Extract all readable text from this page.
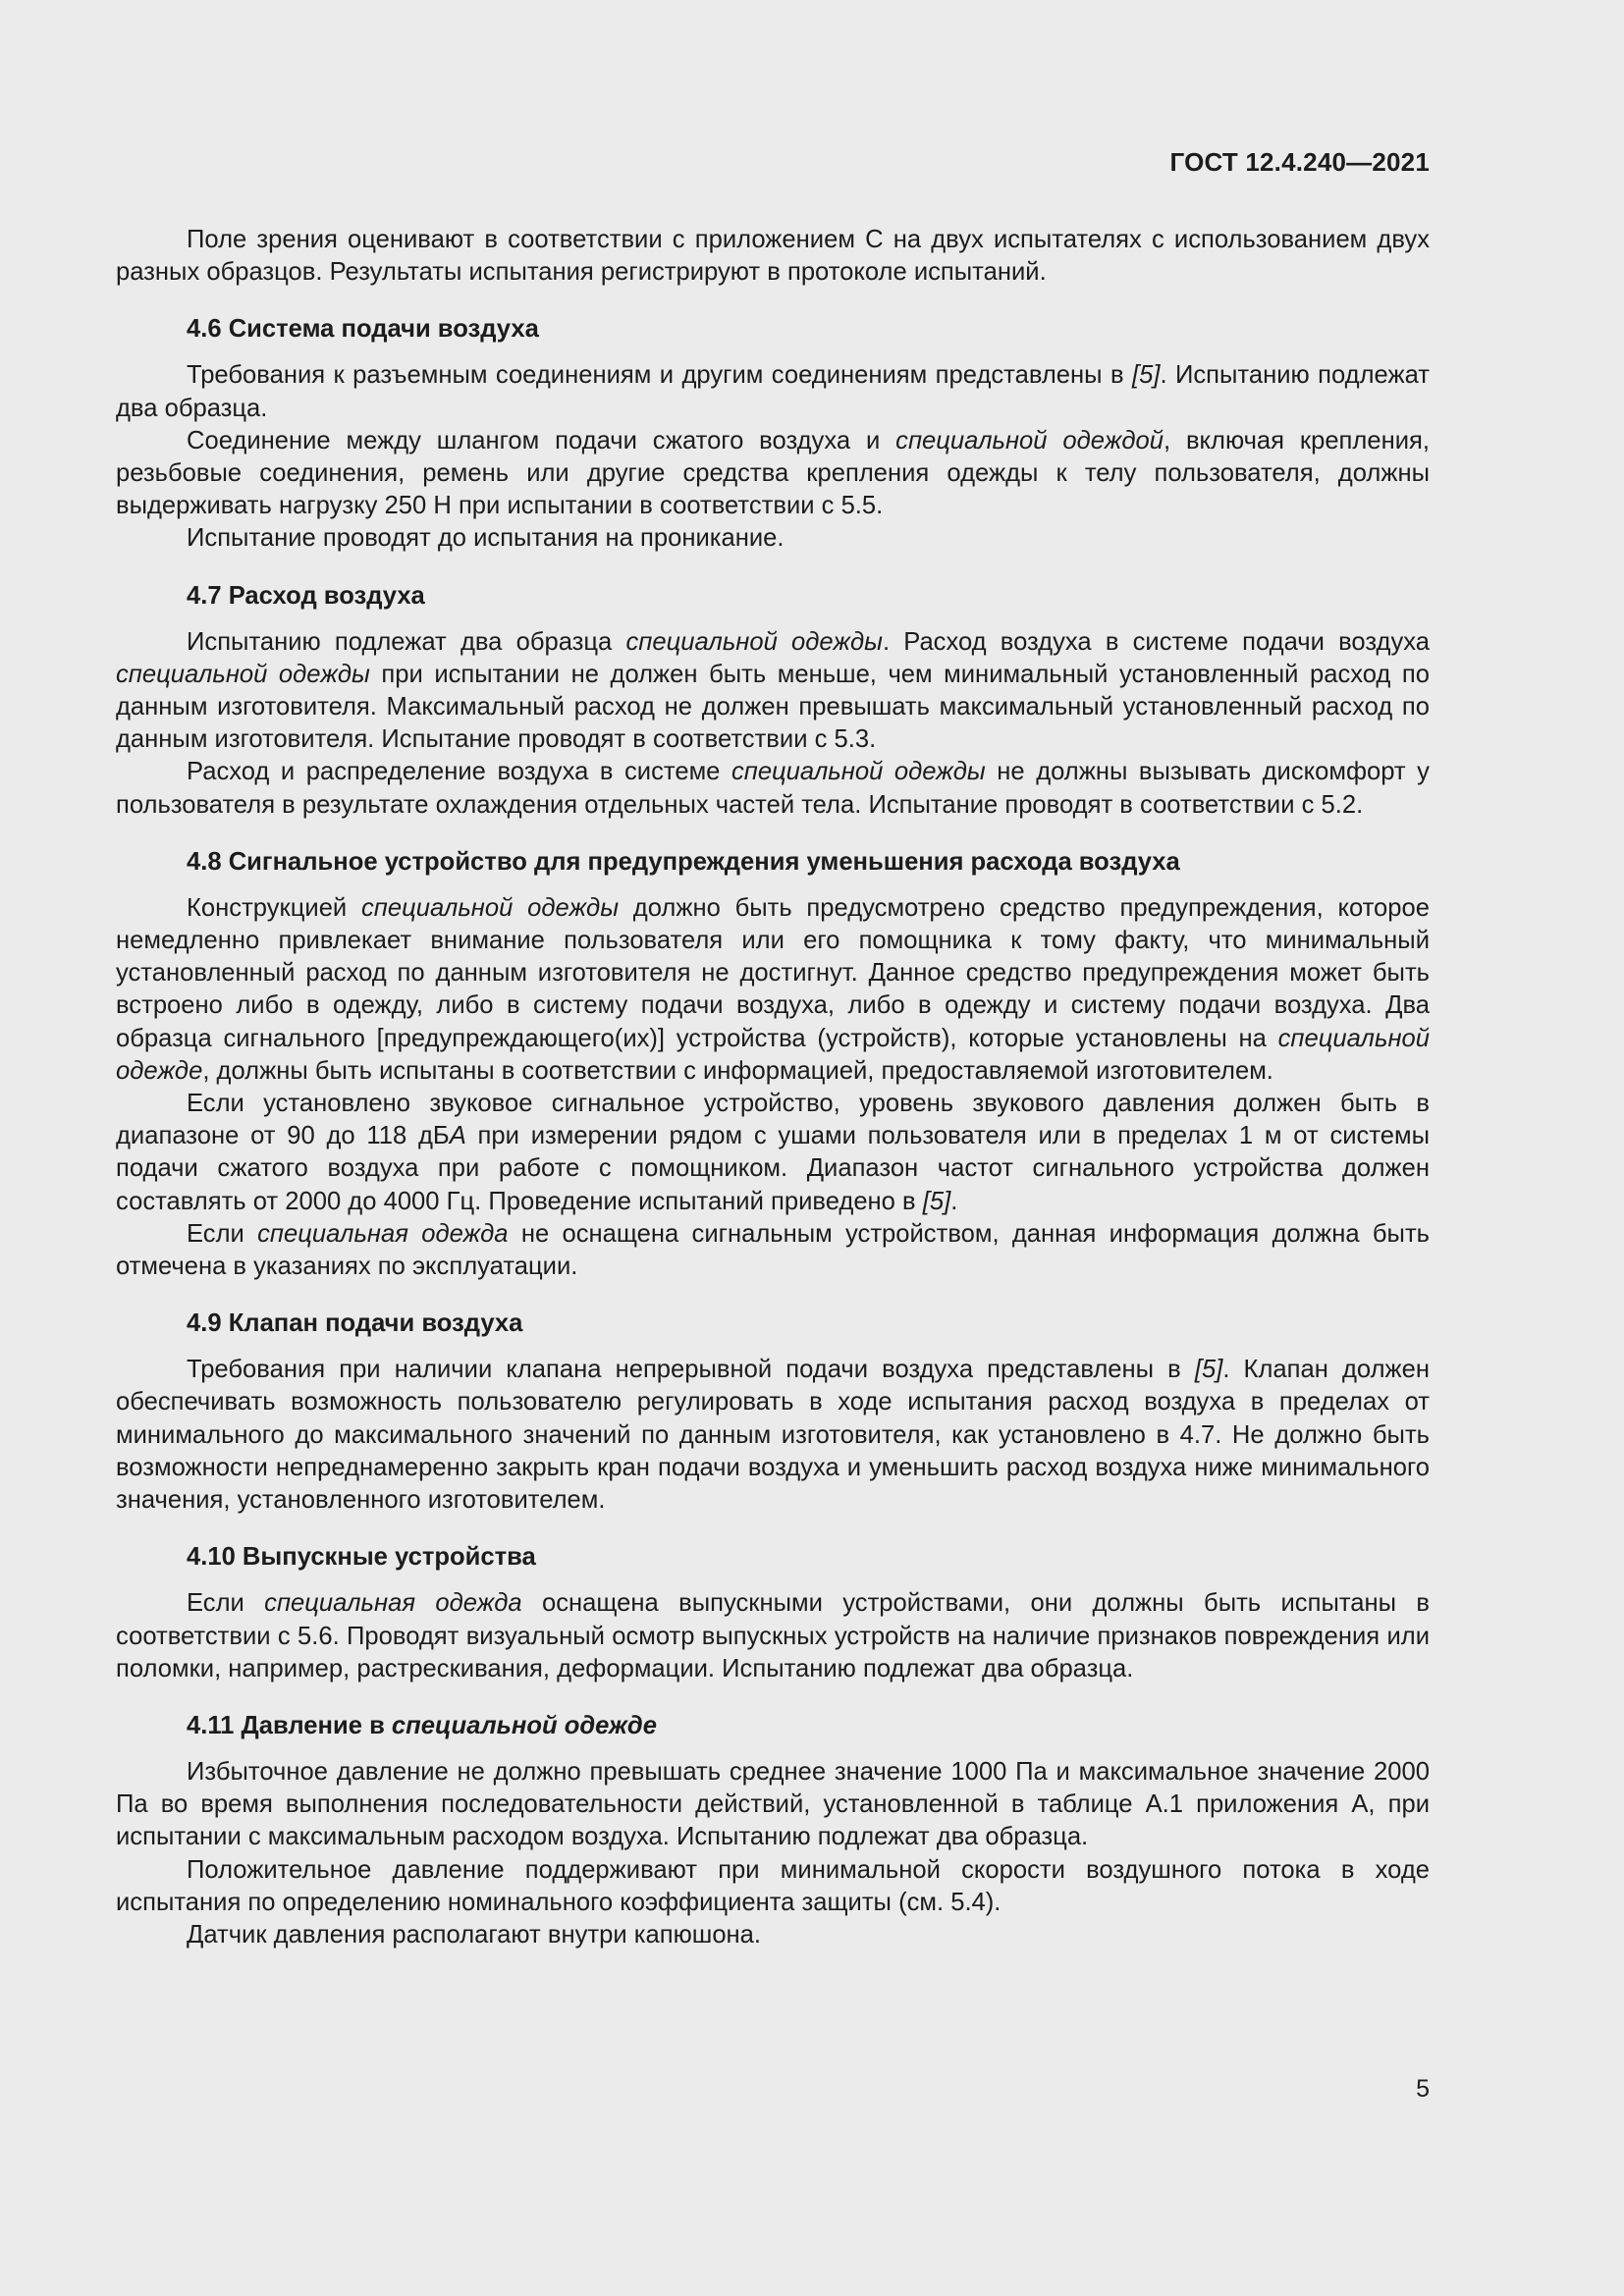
ГОСТ 12.4.240—2021

Поле зрения оценивают в соответствии с приложением С на двух испытателях с использованием двух разных образцов. Результаты испытания регистрируют в протоколе испытаний.

4.6 Система подачи воздуха

Требования к разъемным соединениям и другим соединениям представлены в [5]. Испытанию подлежат два образца.

Соединение между шлангом подачи сжатого воздуха и специальной одеждой, включая крепления, резьбовые соединения, ремень или другие средства крепления одежды к телу пользователя, должны выдерживать нагрузку 250 Н при испытании в соответствии с 5.5.

Испытание проводят до испытания на проникание.

4.7 Расход воздуха

Испытанию подлежат два образца специальной одежды. Расход воздуха в системе подачи воздуха специальной одежды при испытании не должен быть меньше, чем минимальный установленный расход по данным изготовителя. Максимальный расход не должен превышать максимальный установленный расход по данным изготовителя. Испытание проводят в соответствии с 5.3.

Расход и распределение воздуха в системе специальной одежды не должны вызывать дискомфорт у пользователя в результате охлаждения отдельных частей тела. Испытание проводят в соответствии с 5.2.

4.8 Сигнальное устройство для предупреждения уменьшения расхода воздуха

Конструкцией специальной одежды должно быть предусмотрено средство предупреждения, которое немедленно привлекает внимание пользователя или его помощника к тому факту, что минимальный установленный расход по данным изготовителя не достигнут. Данное средство предупреждения может быть встроено либо в одежду, либо в систему подачи воздуха, либо в одежду и систему подачи воздуха. Два образца сигнального [предупреждающего(их)] устройства (устройств), которые установлены на специальной одежде, должны быть испытаны в соответствии с информацией, предоставляемой изготовителем.

Если установлено звуковое сигнальное устройство, уровень звукового давления должен быть в диапазоне от 90 до 118 дБА при измерении рядом с ушами пользователя или в пределах 1 м от системы подачи сжатого воздуха при работе с помощником. Диапазон частот сигнального устройства должен составлять от 2000 до 4000 Гц. Проведение испытаний приведено в [5].

Если специальная одежда не оснащена сигнальным устройством, данная информация должна быть отмечена в указаниях по эксплуатации.

4.9 Клапан подачи воздуха

Требования при наличии клапана непрерывной подачи воздуха представлены в [5]. Клапан должен обеспечивать возможность пользователю регулировать в ходе испытания расход воздуха в пределах от минимального до максимального значений по данным изготовителя, как установлено в 4.7. Не должно быть возможности непреднамеренно закрыть кран подачи воздуха и уменьшить расход воздуха ниже минимального значения, установленного изготовителем.

4.10 Выпускные устройства

Если специальная одежда оснащена выпускными устройствами, они должны быть испытаны в соответствии с 5.6. Проводят визуальный осмотр выпускных устройств на наличие признаков повреждения или поломки, например, растрескивания, деформации. Испытанию подлежат два образца.

4.11 Давление в специальной одежде

Избыточное давление не должно превышать среднее значение 1000 Па и максимальное значение 2000 Па во время выполнения последовательности действий, установленной в таблице А.1 приложения А, при испытании с максимальным расходом воздуха. Испытанию подлежат два образца.

Положительное давление поддерживают при минимальной скорости воздушного потока в ходе испытания по определению номинального коэффициента защиты (см. 5.4).

Датчик давления располагают внутри капюшона.

5
